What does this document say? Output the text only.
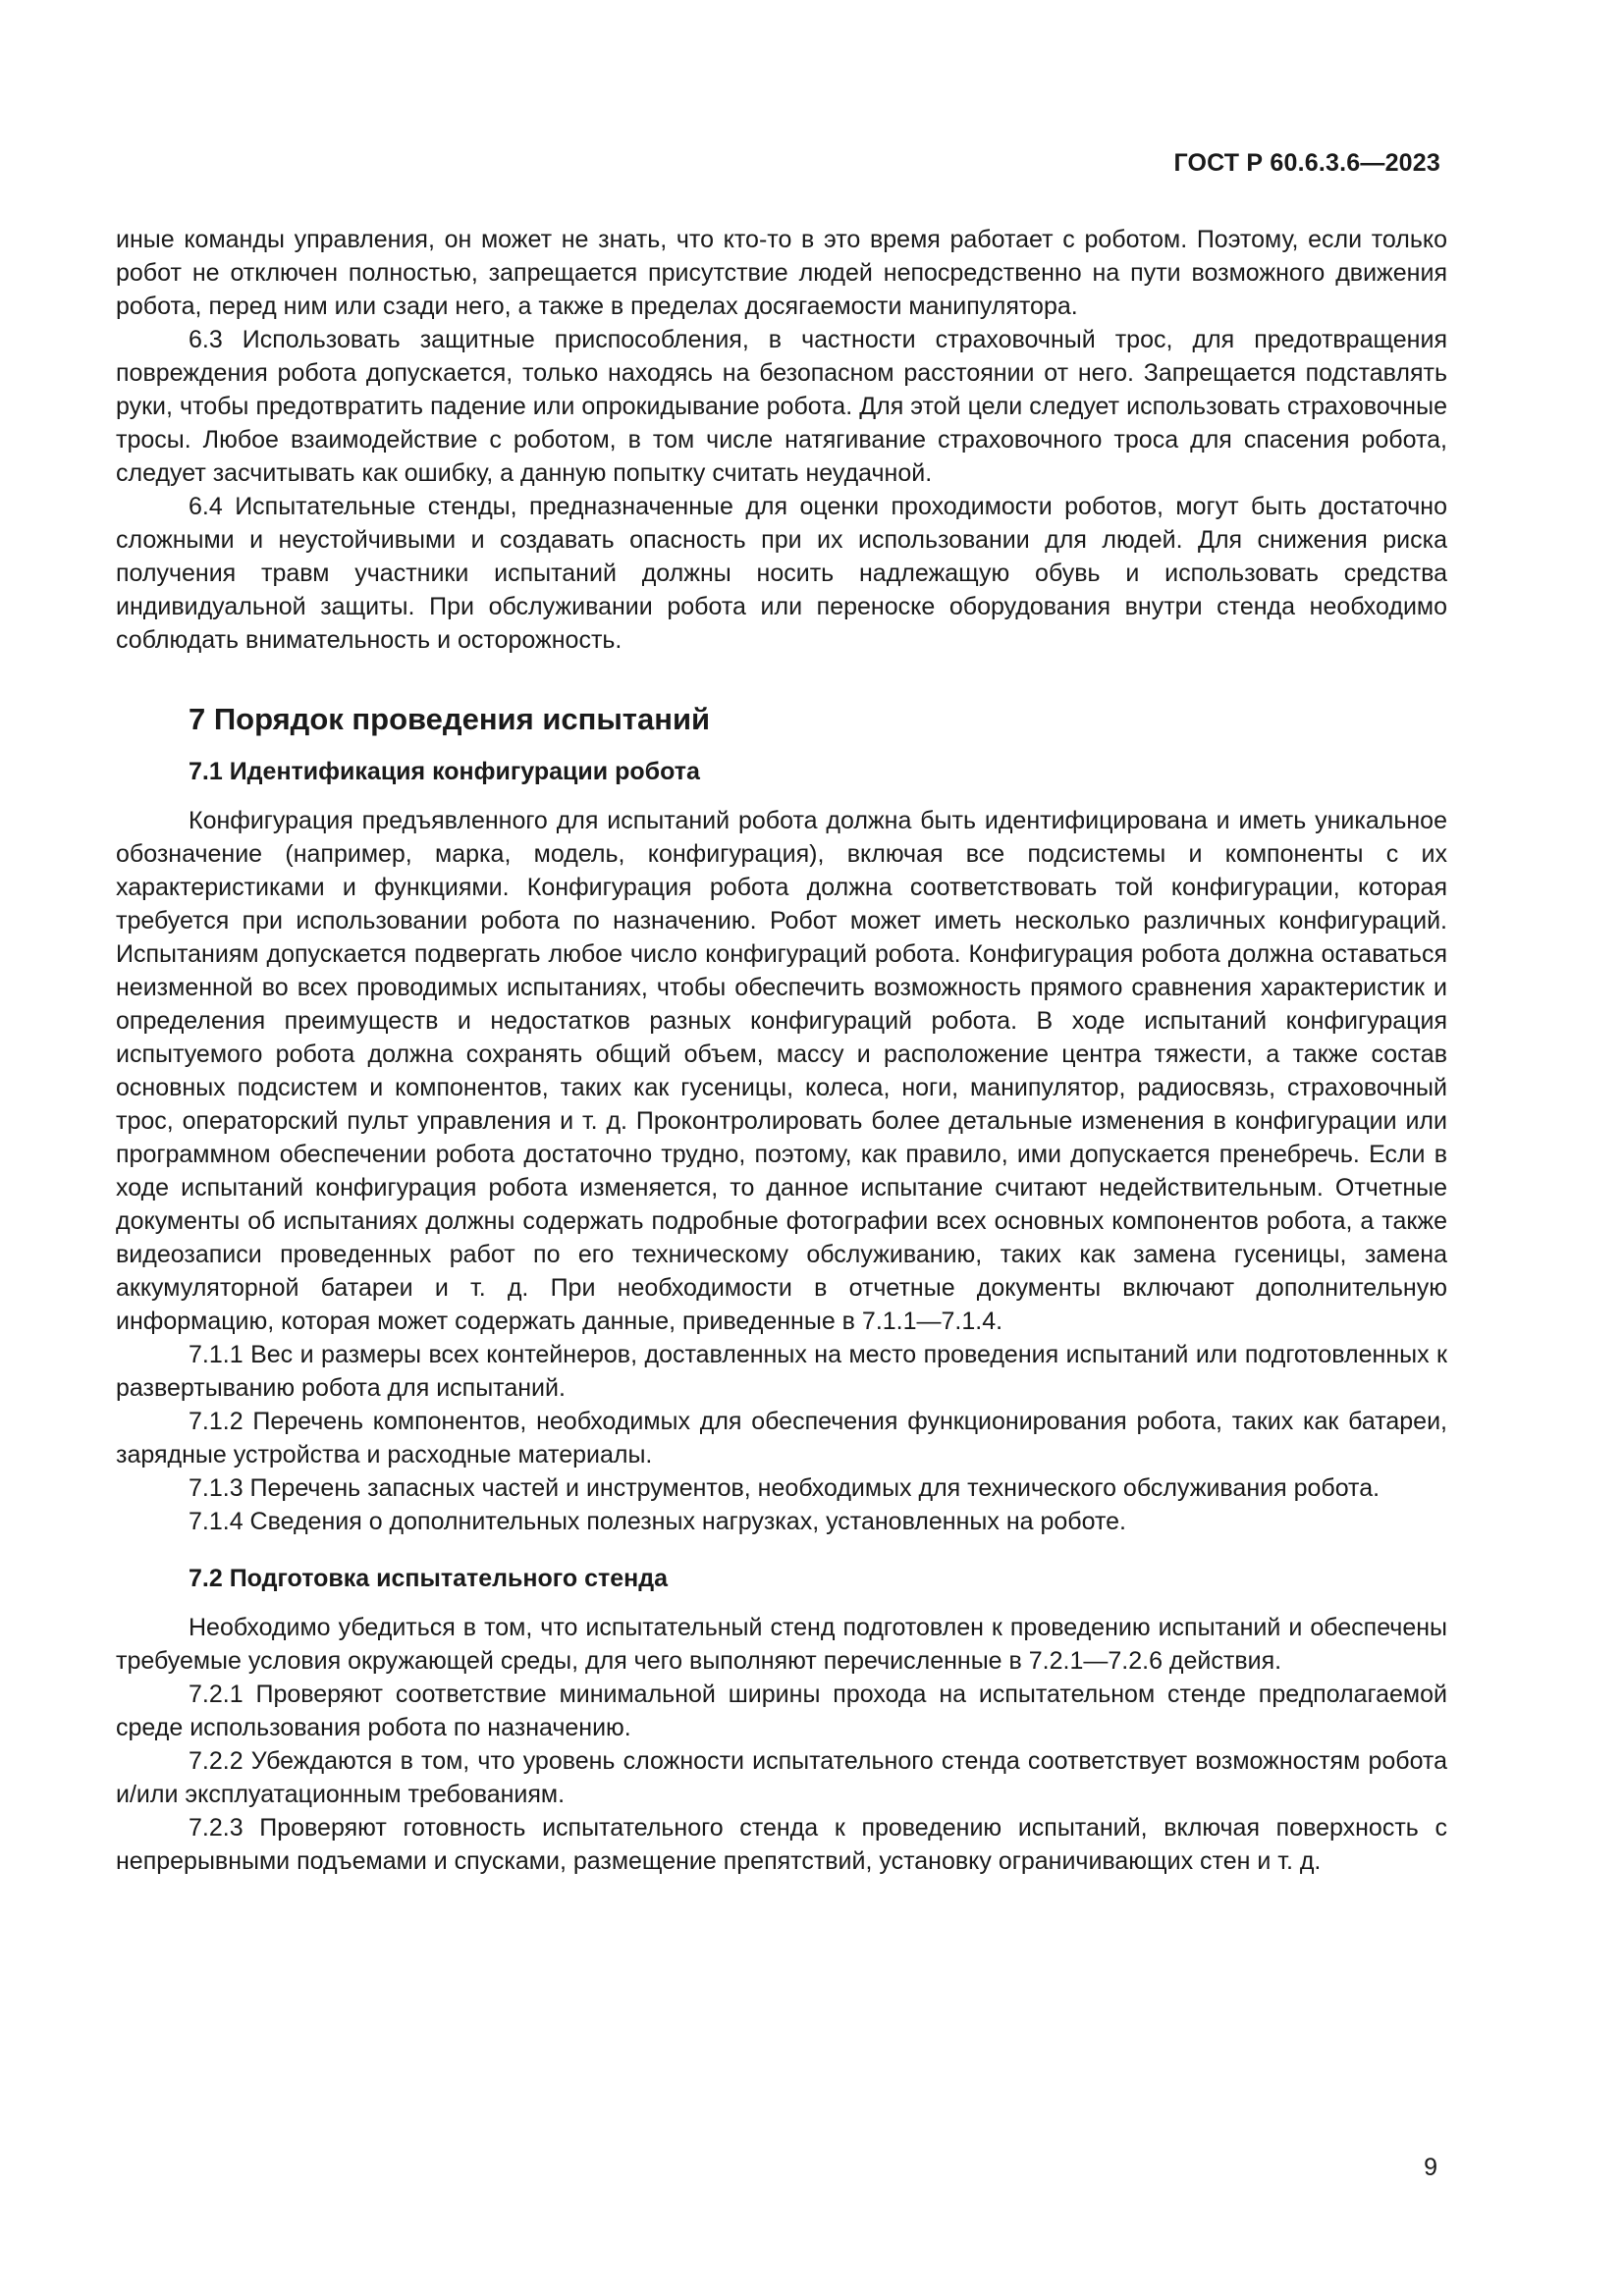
ГОСТ Р 60.6.3.6—2023

иные команды управления, он может не знать, что кто-то в это время работает с роботом. Поэтому, если только робот не отключен полностью, запрещается присутствие людей непосредственно на пути возможного движения робота, перед ним или сзади него, а также в пределах досягаемости манипулятора.

6.3 Использовать защитные приспособления, в частности страховочный трос, для предотвращения повреждения робота допускается, только находясь на безопасном расстоянии от него. Запрещается подставлять руки, чтобы предотвратить падение или опрокидывание робота. Для этой цели следует использовать страховочные тросы. Любое взаимодействие с роботом, в том числе натягивание страховочного троса для спасения робота, следует засчитывать как ошибку, а данную попытку считать неудачной.

6.4 Испытательные стенды, предназначенные для оценки проходимости роботов, могут быть достаточно сложными и неустойчивыми и создавать опасность при их использовании для людей. Для снижения риска получения травм участники испытаний должны носить надлежащую обувь и использовать средства индивидуальной защиты. При обслуживании робота или переноске оборудования внутри стенда необходимо соблюдать внимательность и осторожность.

7 Порядок проведения испытаний
7.1 Идентификация конфигурации робота

Конфигурация предъявленного для испытаний робота должна быть идентифицирована и иметь уникальное обозначение (например, марка, модель, конфигурация), включая все подсистемы и компоненты с их характеристиками и функциями. Конфигурация робота должна соответствовать той конфигурации, которая требуется при использовании робота по назначению. Робот может иметь несколько различных конфигураций. Испытаниям допускается подвергать любое число конфигураций робота. Конфигурация робота должна оставаться неизменной во всех проводимых испытаниях, чтобы обеспечить возможность прямого сравнения характеристик и определения преимуществ и недостатков разных конфигураций робота. В ходе испытаний конфигурация испытуемого робота должна сохранять общий объем, массу и расположение центра тяжести, а также состав основных подсистем и компонентов, таких как гусеницы, колеса, ноги, манипулятор, радиосвязь, страховочный трос, операторский пульт управления и т. д. Проконтролировать более детальные изменения в конфигурации или программном обеспечении робота достаточно трудно, поэтому, как правило, ими допускается пренебречь. Если в ходе испытаний конфигурация робота изменяется, то данное испытание считают недействительным. Отчетные документы об испытаниях должны содержать подробные фотографии всех основных компонентов робота, а также видеозаписи проведенных работ по его техническому обслуживанию, таких как замена гусеницы, замена аккумуляторной батареи и т. д. При необходимости в отчетные документы включают дополнительную информацию, которая может содержать данные, приведенные в 7.1.1—7.1.4.

7.1.1 Вес и размеры всех контейнеров, доставленных на место проведения испытаний или подготовленных к развертыванию робота для испытаний.

7.1.2 Перечень компонентов, необходимых для обеспечения функционирования робота, таких как батареи, зарядные устройства и расходные материалы.

7.1.3 Перечень запасных частей и инструментов, необходимых для технического обслуживания робота.

7.1.4 Сведения о дополнительных полезных нагрузках, установленных на роботе.

7.2 Подготовка испытательного стенда

Необходимо убедиться в том, что испытательный стенд подготовлен к проведению испытаний и обеспечены требуемые условия окружающей среды, для чего выполняют перечисленные в 7.2.1—7.2.6 действия.

7.2.1 Проверяют соответствие минимальной ширины прохода на испытательном стенде предполагаемой среде использования робота по назначению.

7.2.2 Убеждаются в том, что уровень сложности испытательного стенда соответствует возможностям робота и/или эксплуатационным требованиям.

7.2.3 Проверяют готовность испытательного стенда к проведению испытаний, включая поверхность с непрерывными подъемами и спусками, размещение препятствий, установку ограничивающих стен и т. д.

9
